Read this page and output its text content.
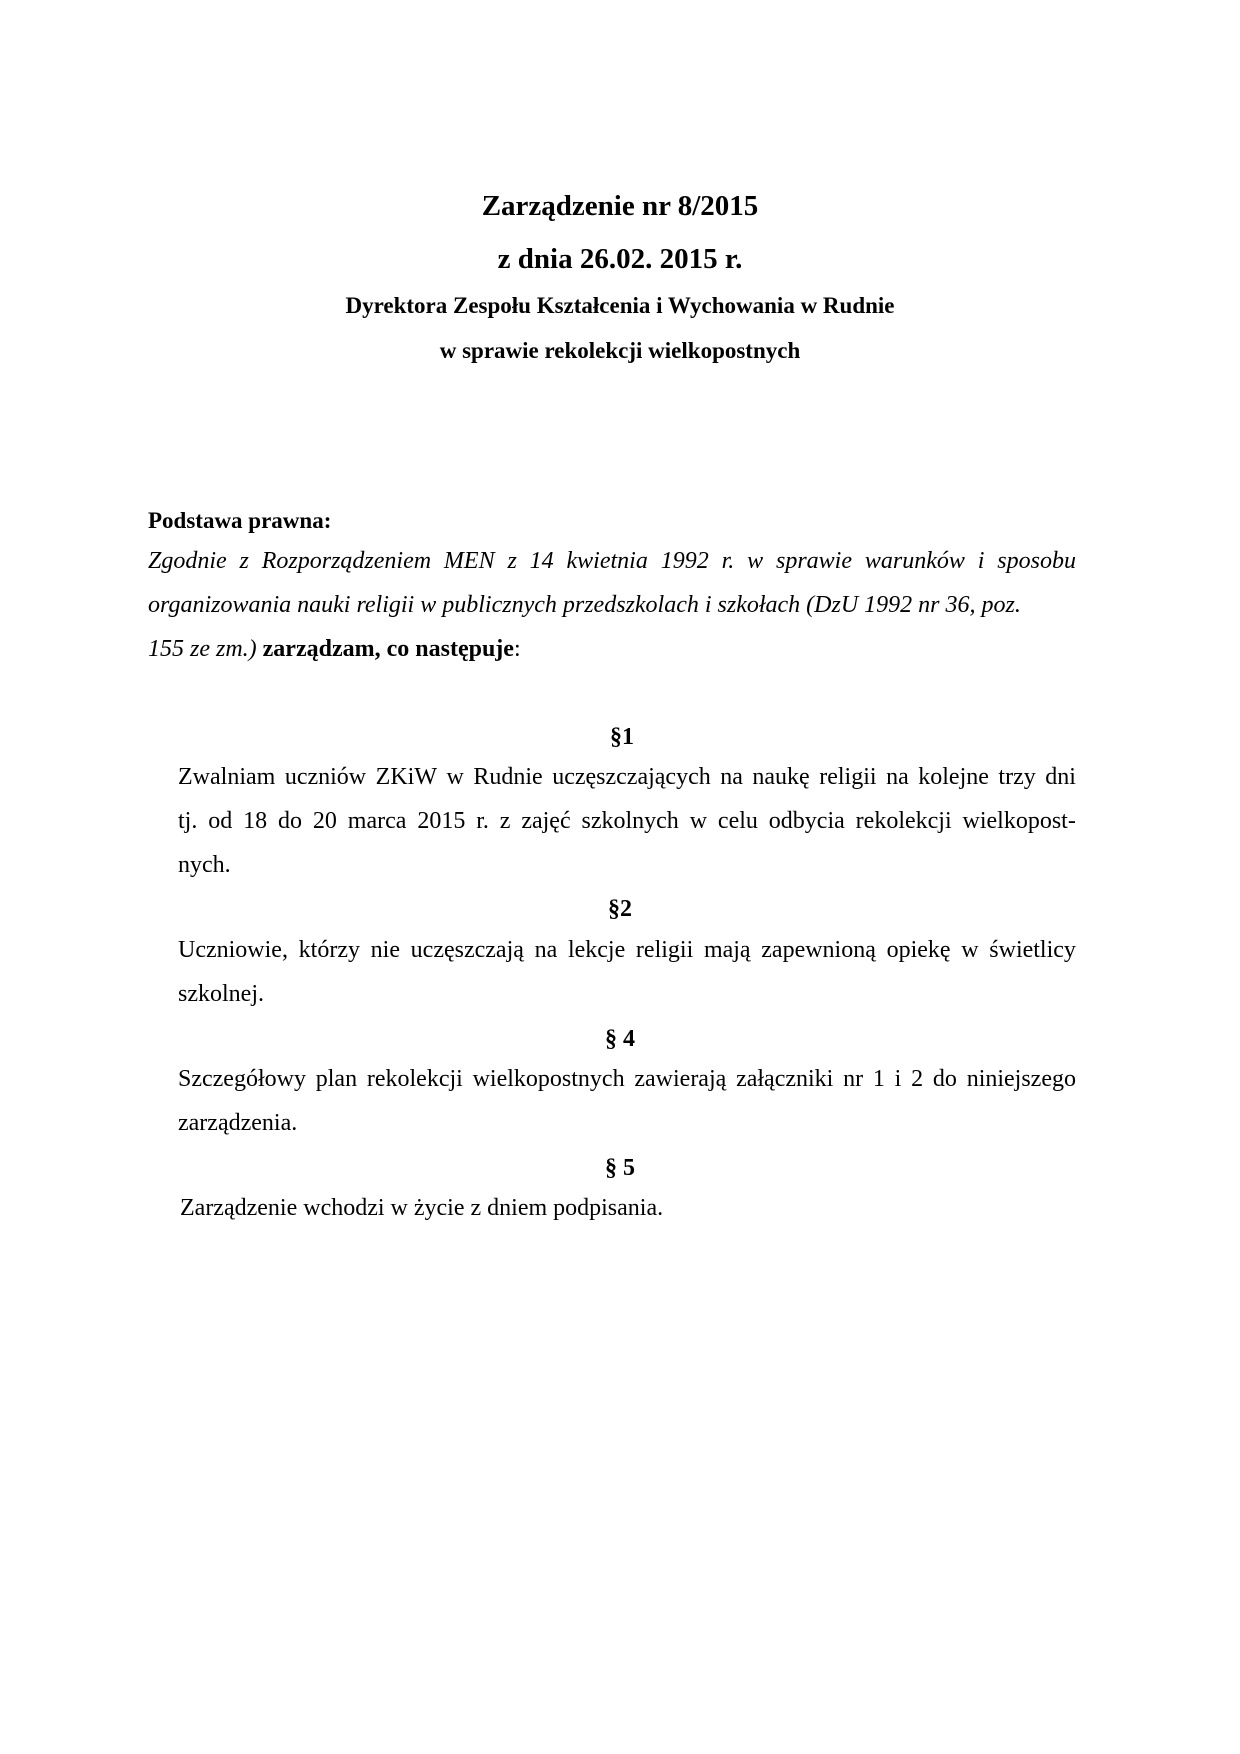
Zarządzenie nr 8/2015
z dnia 26.02. 2015 r.
Dyrektora Zespołu Kształcenia i Wychowania w Rudnie
w sprawie rekolekcji wielkopostnych
Podstawa prawna:
Zgodnie z Rozporządzeniem MEN z 14 kwietnia 1992 r. w sprawie warunków i sposobu
organizowania nauki religii w publicznych przedszkolach i szkołach (DzU 1992 nr 36, poz.
155 ze zm.) zarządzam, co następuje:
§1
Zwalniam uczniów ZKiW w Rudnie uczęszczających na naukę religii na kolejne trzy dni
tj. od 18 do 20 marca 2015 r. z zajęć szkolnych w celu odbycia rekolekcji wielkopost-
nych.
§2
Uczniowie, którzy nie uczęszczają na lekcje religii mają zapewnioną opiekę w świetlicy
szkolnej.
§ 4
Szczegółowy plan rekolekcji wielkopostnych zawierają załączniki nr 1 i 2 do niniejszego
zarządzenia.
§ 5
Zarządzenie wchodzi w życie z dniem podpisania.
